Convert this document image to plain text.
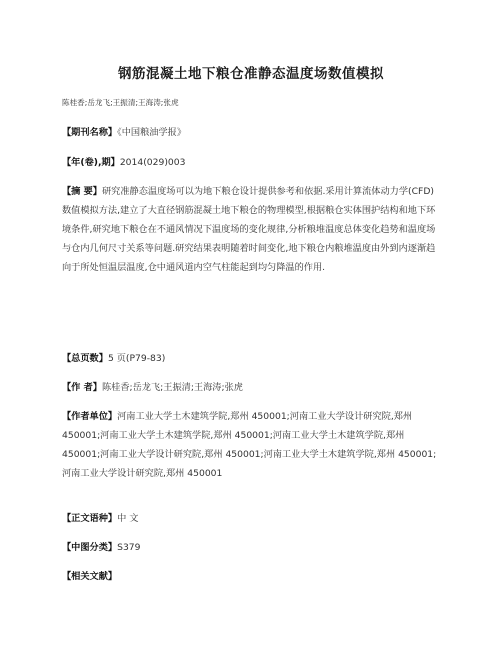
钢筋混凝土地下粮仓准静态温度场数值模拟
陈桂香;岳龙飞;王振清;王海涛;张虎
【期刊名称】《中国粮油学报》
【年(卷),期】2014(029)003
【摘 要】研究准静态温度场可以为地下粮仓设计提供参考和依据.采用计算流体动力学(CFD)数值模拟方法,建立了大直径钢筋混凝土地下粮仓的物理模型,根据粮仓实体围护结构和地下环境条件,研究地下粮仓在不通风情况下温度场的变化规律,分析粮堆温度总体变化趋势和温度场与仓内几何尺寸关系等问题.研究结果表明随着时间变化,地下粮仓内粮堆温度由外到内逐渐趋向于所处恒温层温度,仓中通风道内空气柱能起到均匀降温的作用.
【总页数】5 页(P79-83)
【作 者】陈桂香;岳龙飞;王振清;王海涛;张虎
【作者单位】河南工业大学土木建筑学院,郑州 450001;河南工业大学设计研究院,郑州 450001;河南工业大学土木建筑学院,郑州 450001;河南工业大学土木建筑学院,郑州 450001;河南工业大学设计研究院,郑州 450001;河南工业大学土木建筑学院,郑州 450001;河南工业大学设计研究院,郑州 450001
【正文语种】中 文
【中图分类】S379
【相关文献】
